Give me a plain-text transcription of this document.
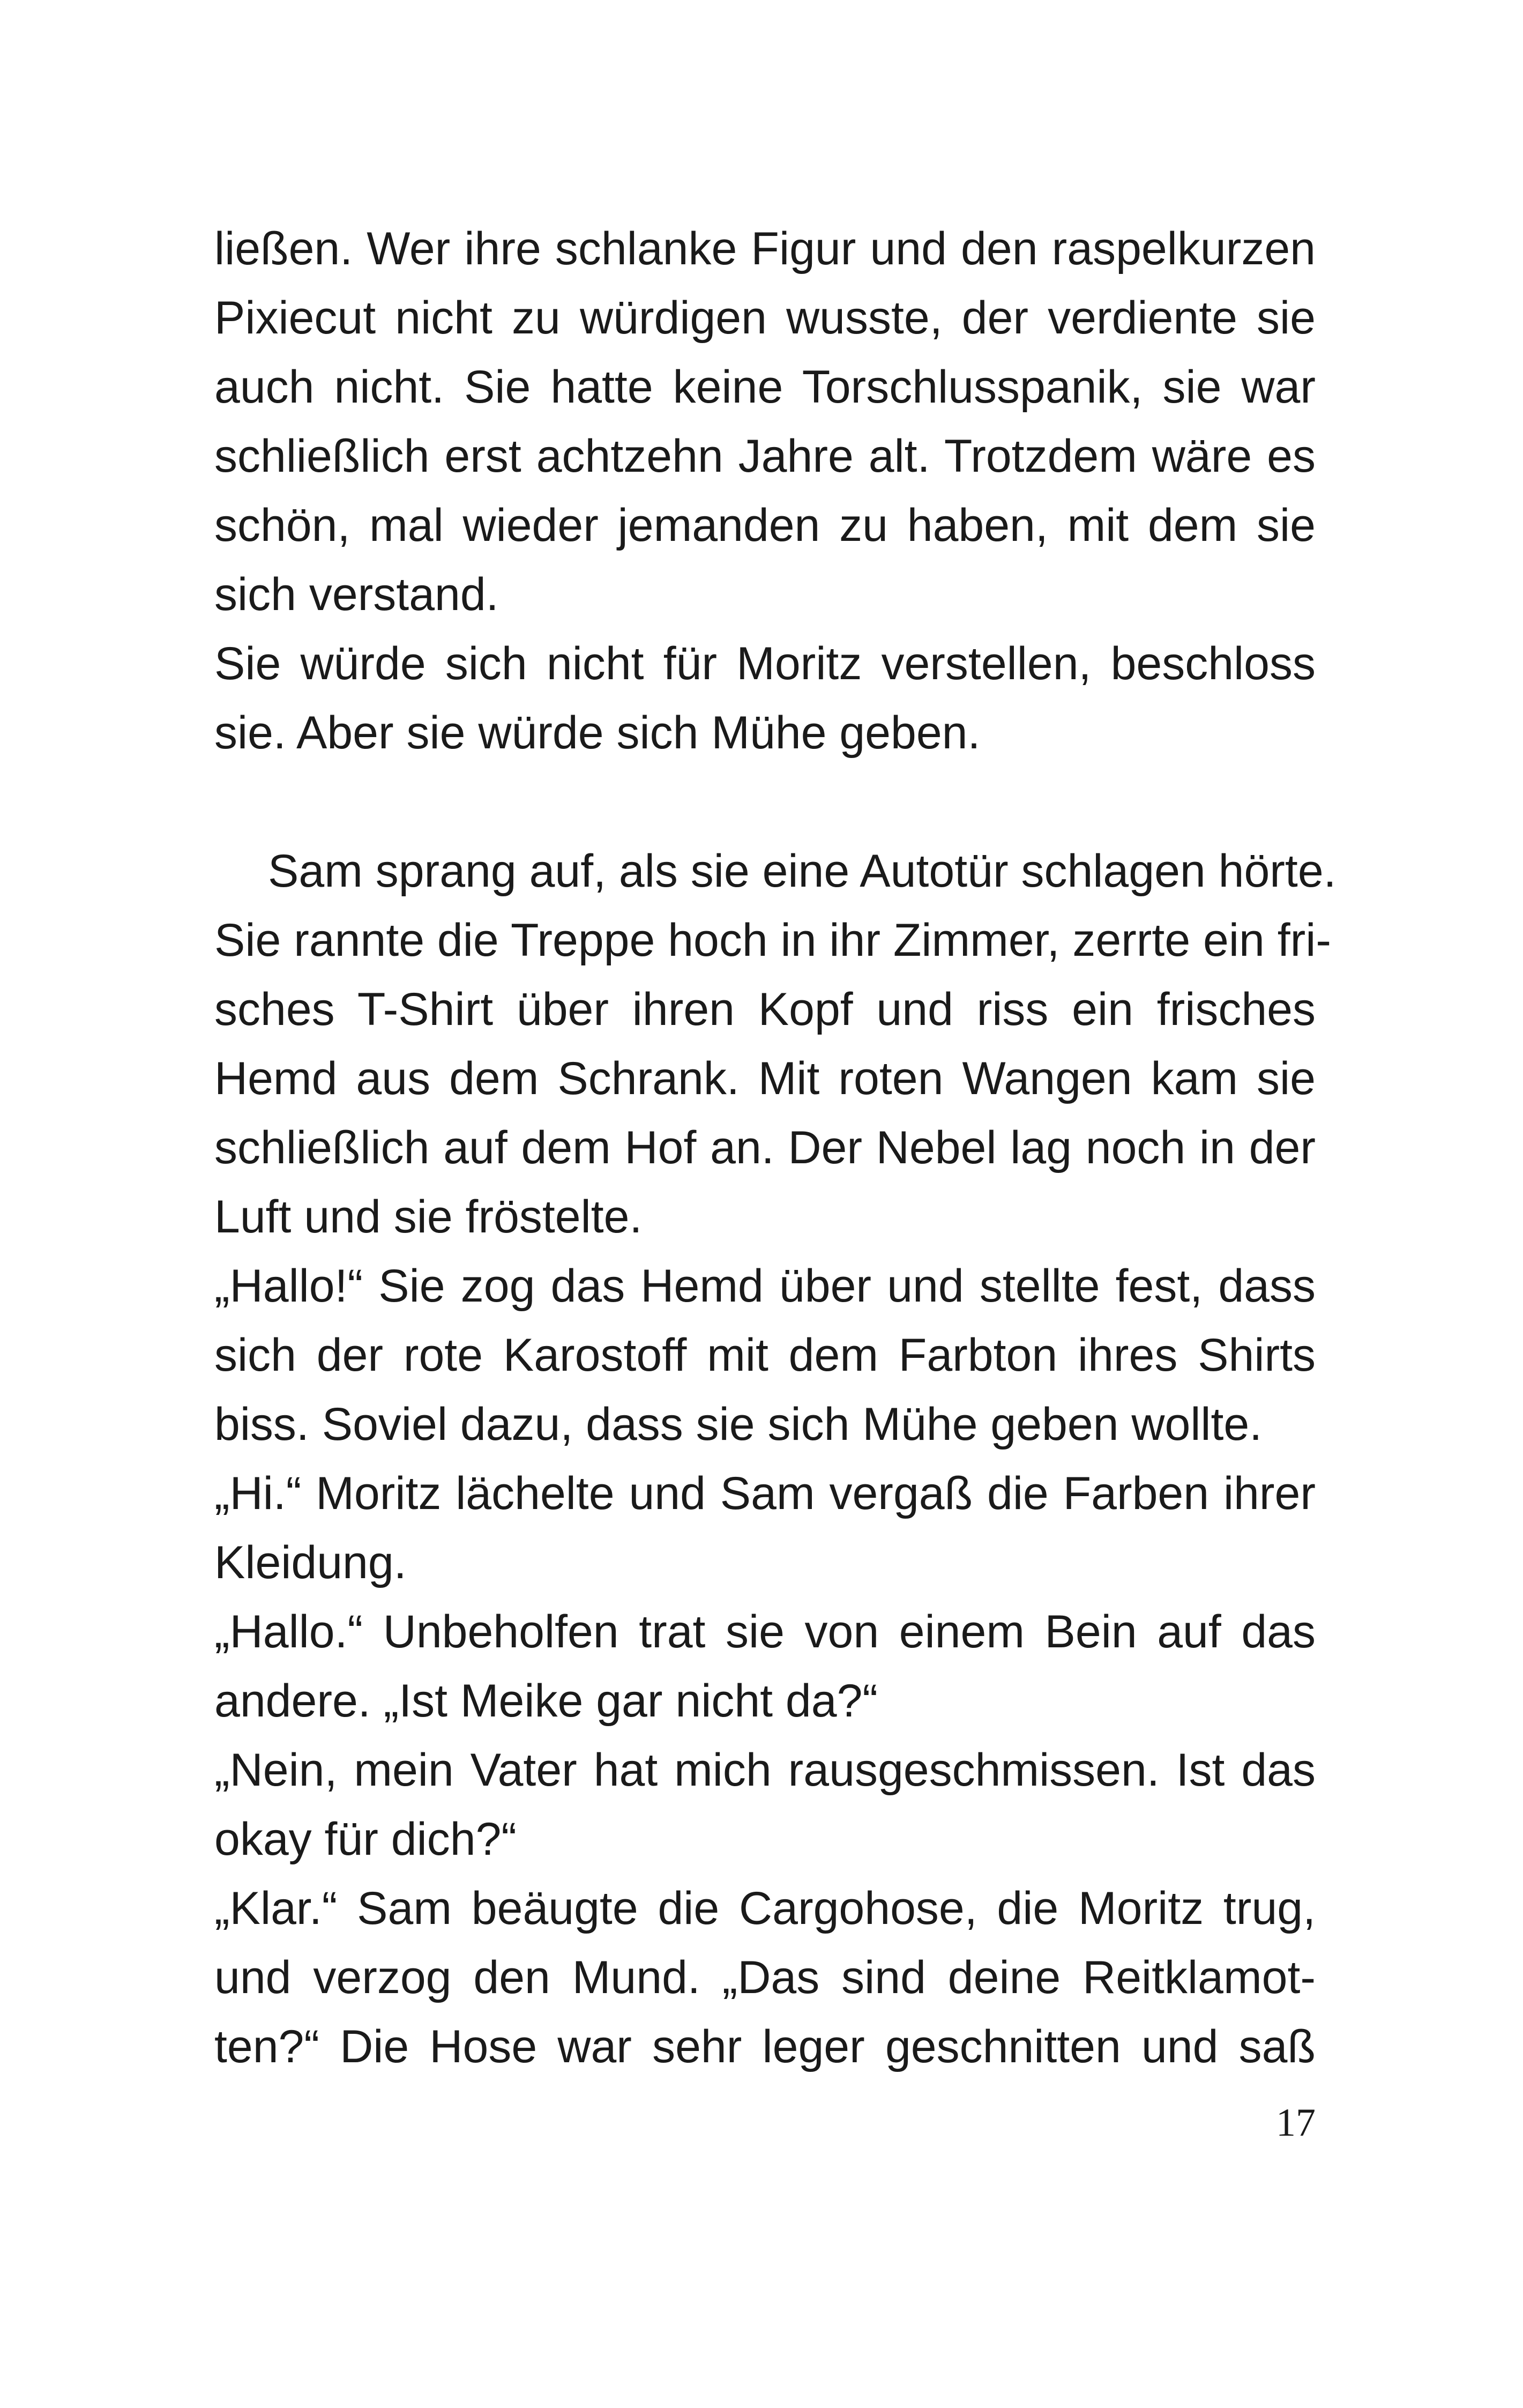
ließen. Wer ihre schlanke Figur und den raspelkurzen
Pixiecut nicht zu würdigen wusste, der verdiente sie
auch nicht. Sie hatte keine Torschlusspanik, sie war
schließlich erst achtzehn Jahre alt. Trotzdem wäre es
schön, mal wieder jemanden zu haben, mit dem sie
sich verstand.
Sie würde sich nicht für Moritz verstellen, beschloss
sie. Aber sie würde sich Mühe geben.
Sam sprang auf, als sie eine Autotür schlagen hörte.
Sie rannte die Treppe hoch in ihr Zimmer, zerrte ein fri-
sches T-Shirt über ihren Kopf und riss ein frisches
Hemd aus dem Schrank. Mit roten Wangen kam sie
schließlich auf dem Hof an. Der Nebel lag noch in der
Luft und sie fröstelte.
„Hallo!“ Sie zog das Hemd über und stellte fest, dass
sich der rote Karostoff mit dem Farbton ihres Shirts
biss. Soviel dazu, dass sie sich Mühe geben wollte.
„Hi.“ Moritz lächelte und Sam vergaß die Farben ihrer
Kleidung.
„Hallo.“ Unbeholfen trat sie von einem Bein auf das
andere. „Ist Meike gar nicht da?“
„Nein, mein Vater hat mich rausgeschmissen. Ist das
okay für dich?“
„Klar.“ Sam beäugte die Cargohose, die Moritz trug,
und verzog den Mund. „Das sind deine Reitklamot-
ten?“ Die Hose war sehr leger geschnitten und saß
17
